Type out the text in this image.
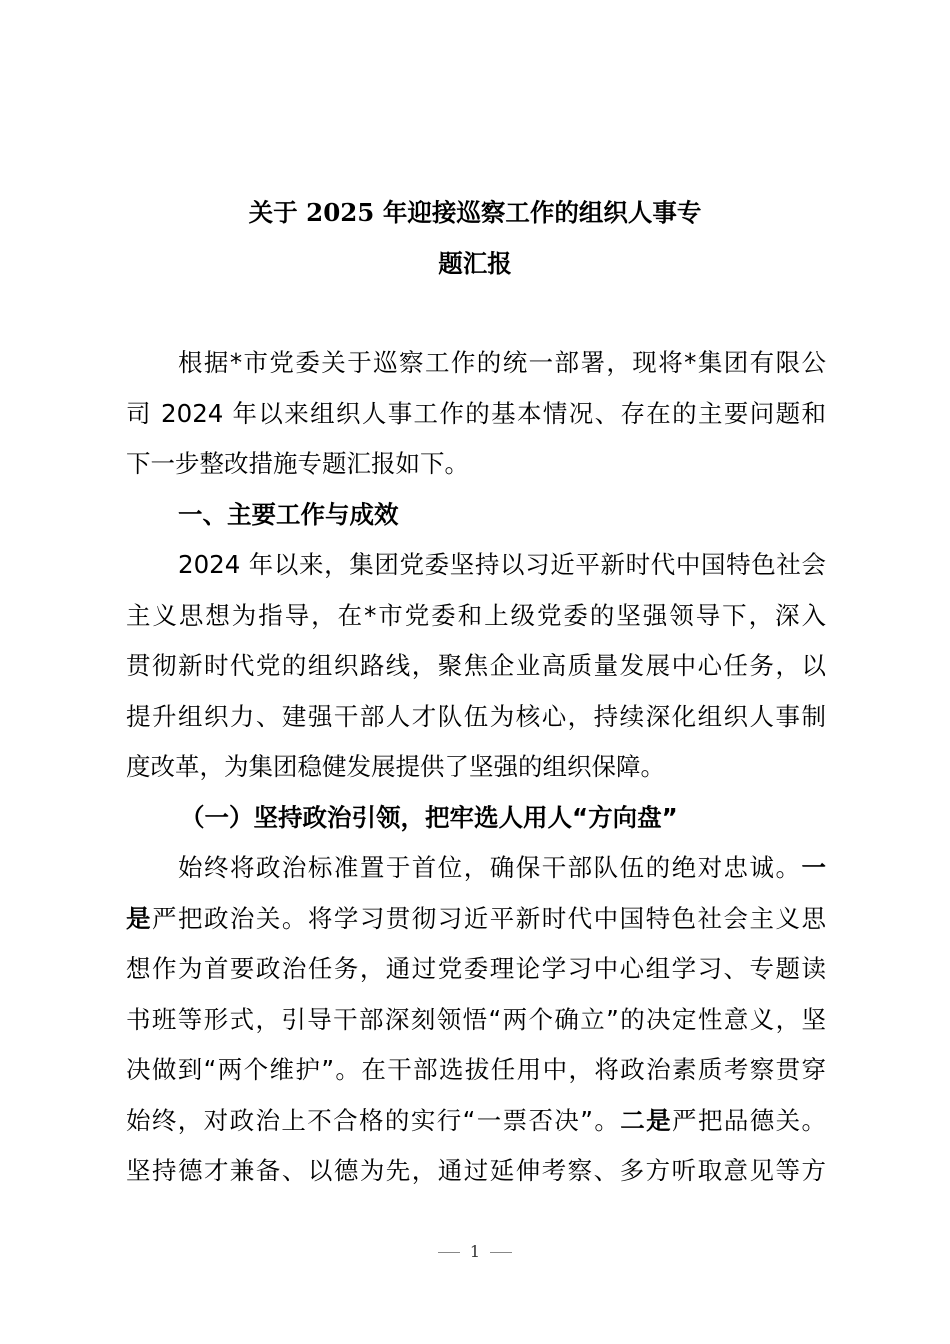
关于 2025 年迎接巡察工作的组织人事专
题汇报
根据*市党委关于巡察工作的统一部署，现将*集团有限公
司 2024 年以来组织人事工作的基本情况、存在的主要问题和
下一步整改措施专题汇报如下。
一、主要工作与成效
2024 年以来，集团党委坚持以习近平新时代中国特色社会
主义思想为指导，在*市党委和上级党委的坚强领导下，深入
贯彻新时代党的组织路线，聚焦企业高质量发展中心任务，以
提升组织力、建强干部人才队伍为核心，持续深化组织人事制
度改革，为集团稳健发展提供了坚强的组织保障。
（一）坚持政治引领，把牢选人用人“方向盘”
始终将政治标准置于首位，确保干部队伍的绝对忠诚。一
是严把政治关。将学习贯彻习近平新时代中国特色社会主义思
想作为首要政治任务，通过党委理论学习中心组学习、专题读
书班等形式，引导干部深刻领悟“两个确立”的决定性意义，坚
决做到“两个维护”。在干部选拔任用中，将政治素质考察贯穿
始终，对政治上不合格的实行“一票否决”。二是严把品德关。
坚持德才兼备、以德为先，通过延伸考察、多方听取意见等方
1
